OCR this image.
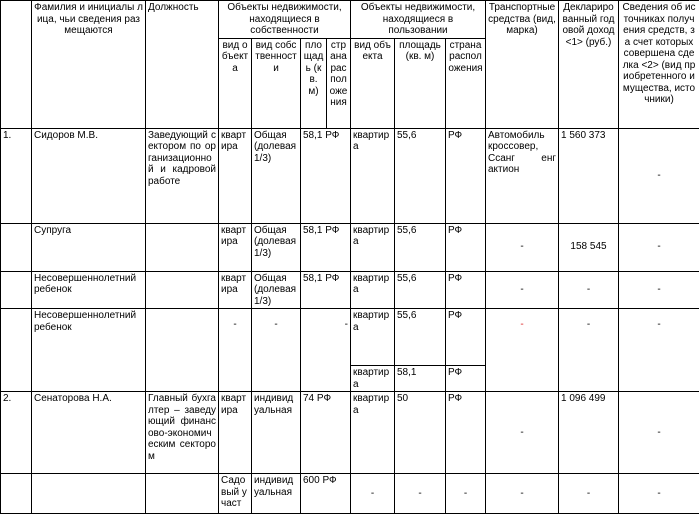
	Фамилия и инициалы лица, чьи сведения размещаются	Должность	Объекты недвижимости, находящиеся в собственности				Объекты недвижимости, находящиеся в пользовании			Транспортные средства (вид, марка)	Декларированный годовой доход <1> (руб.)	Сведения об источниках получения средств, за счет которых совершена сделка <2> (вид приобретенного имущества, источники)
			вид объекта	вид собственности	площадь (кв. м)	страна расположения	вид объекта	площадь (кв. м)	страна расположения			
1.	Сидоров М.В.	Заведующий сектором по организационной и кадровой работе	квартира	Общая (долевая 1/3)	58,1 РФ		квартира	55,6	РФ	Автомобиль кроссовер, Ссанг енг актион	1 560 373	-
	Супруга		квартира	Общая (долевая 1/3)	58,1 РФ		квартира	55,6	РФ	-	158 545	-
	Несовершеннолетний ребенок		квартира	Общая (долевая 1/3)	58,1 РФ		квартира	55,6	РФ	-	-	-
	Несовершеннолетний ребенок		-	-	-		квартира	55,6	РФ	-	-	-
							квартира	58,1	РФ			
2.	Сенаторова Н.А.	Главный бухгалтер – заведующий финансово-экономическим сектором	квартира	индивидуальная	74 РФ		квартира	50	РФ	-	1 096 499	-
			Садовый участ	индивидуальная	600 РФ		-	-	-	-	-	-
